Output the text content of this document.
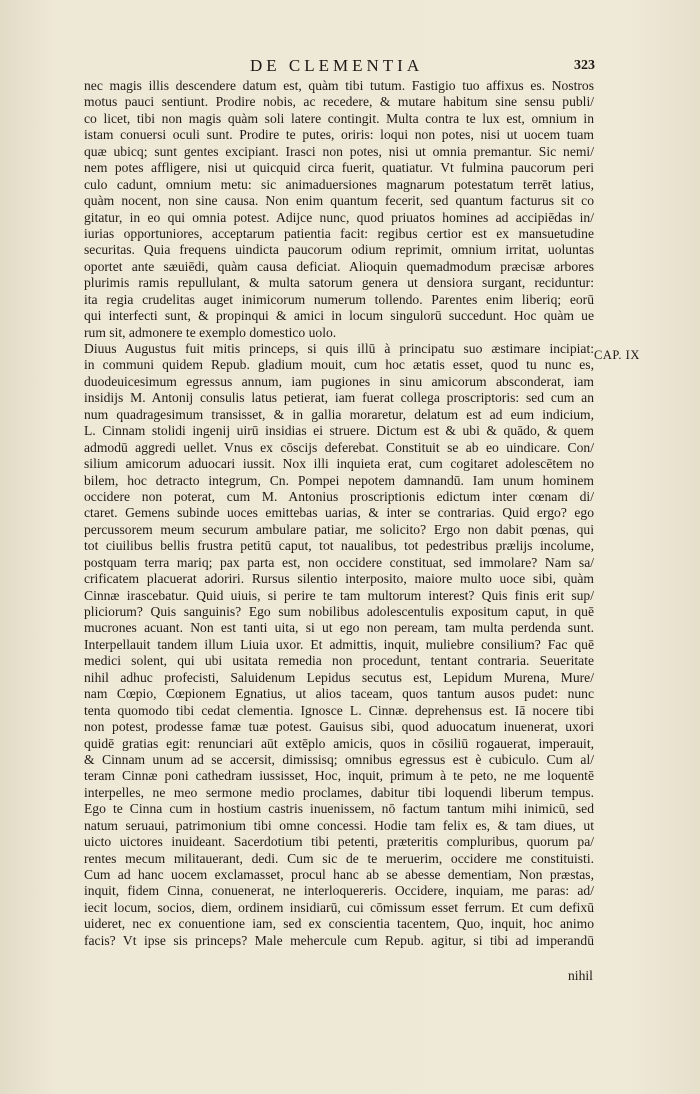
DE CLEMENTIA	323
nec magis illis descendere datum est, quàm tibi tutum. Fastigio tuo affixus es. Nostros
motus pauci sentiunt. Prodire nobis, ac recedere, & mutare habitum sine sensu publi/
co licet, tibi non magis quàm soli latere contingit. Multa contra te lux est, omnium in
istam conuersi oculi sunt. Prodire te putes, oriris: loqui non potes, nisi ut uocem tuam
quæ ubicq; sunt gentes excipiant. Irasci non potes, nisi ut omnia premantur. Sic nemi/
nem potes affligere, nisi ut quicquid circa fuerit, quatiatur. Vt fulmina paucorum peri
culo cadunt, omnium metu: sic animaduersiones magnarum potestatum terrēt latius,
quàm nocent, non sine causa. Non enim quantum fecerit, sed quantum facturus sit co
gitatur, in eo qui omnia potest. Adijce nunc, quod priuatos homines ad accipiēdas in/
iurias opportuniores, acceptarum patientia facit: regibus certior est ex mansuetudine
securitas. Quia frequens uindicta paucorum odium reprimit, omnium irritat, uoluntas
oportet ante sæuiēdi, quàm causa deficiat. Alioquin quemadmodum præcisæ arbores
plurimis ramis repullulant, & multa satorum genera ut densiora surgant, reciduntur:
ita regia crudelitas auget inimicorum numerum tollendo. Parentes enim liberiq; eorū
qui interfecti sunt, & propinqui & amici in locum singulorū succedunt. Hoc quàm ue
rum sit, admonere te exemplo domestico uolo.
Diuus Augustus fuit mitis princeps, si quis illū à principatu suo æstimare incipiat:
in communi quidem Repub. gladium mouit, cum hoc ætatis esset, quod tu nunc es,
duodeuicesimum egressus annum, iam pugiones in sinu amicorum absconderat, iam
insidijs M. Antonij consulis latus petierat, iam fuerat collega proscriptoris: sed cum an
num quadragesimum transisset, & in gallia moraretur, delatum est ad eum indicium,
L. Cinnam stolidi ingenij uirū insidias ei struere. Dictum est & ubi & quādo, & quem
admodū aggredi uellet. Vnus ex cōscijs deferebat. Constituit se ab eo uindicare. Con/
silium amicorum aduocari iussit. Nox illi inquieta erat, cum cogitaret adolescētem no
bilem, hoc detracto integrum, Cn. Pompei nepotem damnandū. Iam unum hominem
occidere non poterat, cum M. Antonius proscriptionis edictum inter cœnam di/
ctaret. Gemens subinde uoces emittebas uarias, & inter se contrarias. Quid ergo? ego
percussorem meum securum ambulare patiar, me solicito? Ergo non dabit pœnas, qui
tot ciuilibus bellis frustra petitū caput, tot naualibus, tot pedestribus prælijs incolume,
postquam terra mariq; pax parta est, non occidere constituat, sed immolare? Nam sa/
crificatem placuerat adoriri. Rursus silentio interposito, maiore multo uoce sibi, quàm
Cinnæ irascebatur. Quid uiuis, si perire te tam multorum interest? Quis finis erit sup/
pliciorum? Quis sanguinis? Ego sum nobilibus adolescentulis expositum caput, in quē
mucrones acuant. Non est tanti uita, si ut ego non peream, tam multa perdenda sunt.
Interpellauit tandem illum Liuia uxor. Et admittis, inquit, muliebre consilium? Fac quē
medici solent, qui ubi usitata remedia non procedunt, tentant contraria. Seueritate
nihil adhuc profecisti, Saluidenum Lepidus secutus est, Lepidum Murena, Mure/
nam Cœpio, Cœpionem Egnatius, ut alios taceam, quos tantum ausos pudet: nunc
tenta quomodo tibi cedat clementia. Ignosce L. Cinnæ. deprehensus est. Iā nocere tibi
non potest, prodesse famæ tuæ potest. Gauisus sibi, quod aduocatum inuenerat, uxori
quidē gratias egit: renunciari aūt extēplo amicis, quos in cōsiliū rogauerat, imperauit,
& Cinnam unum ad se accersit, dimissisq; omnibus egressus est è cubiculo. Cum al/
teram Cinnæ poni cathedram iussisset, Hoc, inquit, primum à te peto, ne me loquentē
interpelles, ne meo sermone medio proclames, dabitur tibi loquendi liberum tempus.
Ego te Cinna cum in hostium castris inuenissem, nō factum tantum mihi inimicū, sed
natum seruaui, patrimonium tibi omne concessi. Hodie tam felix es, & tam diues, ut
uicto uictores inuideant. Sacerdotium tibi petenti, præteritis compluribus, quorum pa/
rentes mecum militauerant, dedi. Cum sic de te meruerim, occidere me constituisti.
Cum ad hanc uocem exclamasset, procul hanc ab se abesse dementiam, Non præstas,
inquit, fidem Cinna, conuenerat, ne interloquereris. Occidere, inquiam, me paras: ad/
iecit locum, socios, diem, ordinem insidiarū, cui cōmissum esset ferrum. Et cum defixū
uideret, nec ex conuentione iam, sed ex conscientia tacentem, Quo, inquit, hoc animo
facis? Vt ipse sis princeps? Male mehercule cum Repub. agitur, si tibi ad imperandū
CAP. IX
nihil
